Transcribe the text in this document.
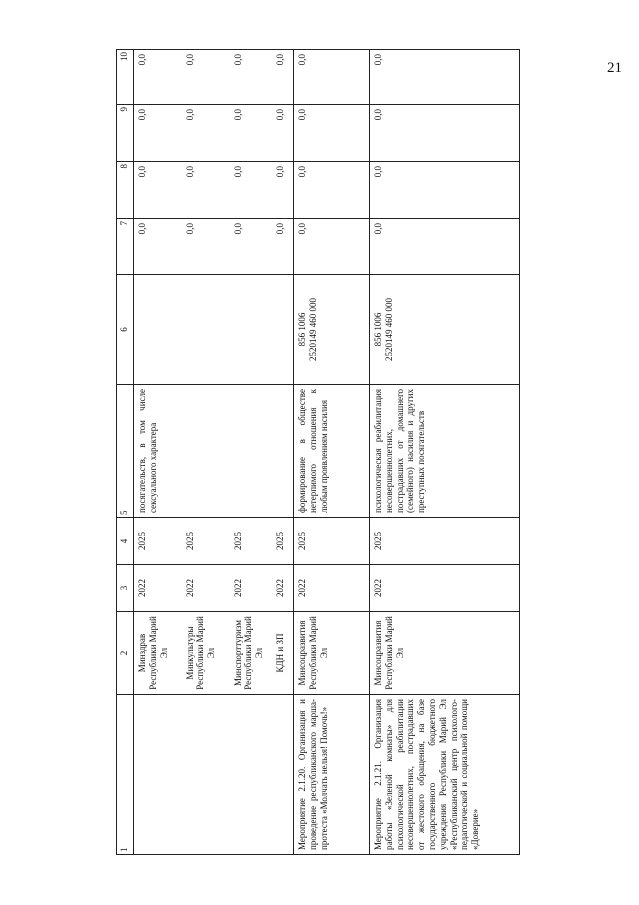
21
1	2	3	4	5	6	7	8	9	10
	Минздрав Республики Марий Эл	2022	2025	посягательств, в том числе сексуального характера		0,0	0,0	0,0	0,0
	Минкультуры Республики Марий Эл	2022	2025			0,0	0,0	0,0	0,0
	Минспорттуризм Республики Марий Эл	2022	2025			0,0	0,0	0,0	0,0
	КДН и ЗП	2022	2025			0,0	0,0	0,0	0,0
Мероприятие 2.1.20. Организация и проведение республиканского марша-протеста «Молчать нельзя! Помочь!»	Минсоцразвития Республики Марий Эл	2022	2025	формирование в обществе нетерпимого отношения к любым проявлениям насилия	856 1006 2520149 460 000	0,0	0,0	0,0	0,0
Мероприятие 2.1.21. Организация работы «Зеленой комнаты» для психологической реабилитации несовершеннолетних, пострадавших от жестокого обращения, на базе государственного бюджетного учреждения Республики Марий Эл «Республиканский центр психолого-педагогической и социальной помощи «Доверие»	Минсоцразвития Республики Марий Эл	2022	2025	психологическая реабилитация несовершеннолетних, пострадавших от домашнего (семейного) насилия и других преступных посягательств	856 1006 2520149 460 000	0,0	0,0	0,0	0,0
